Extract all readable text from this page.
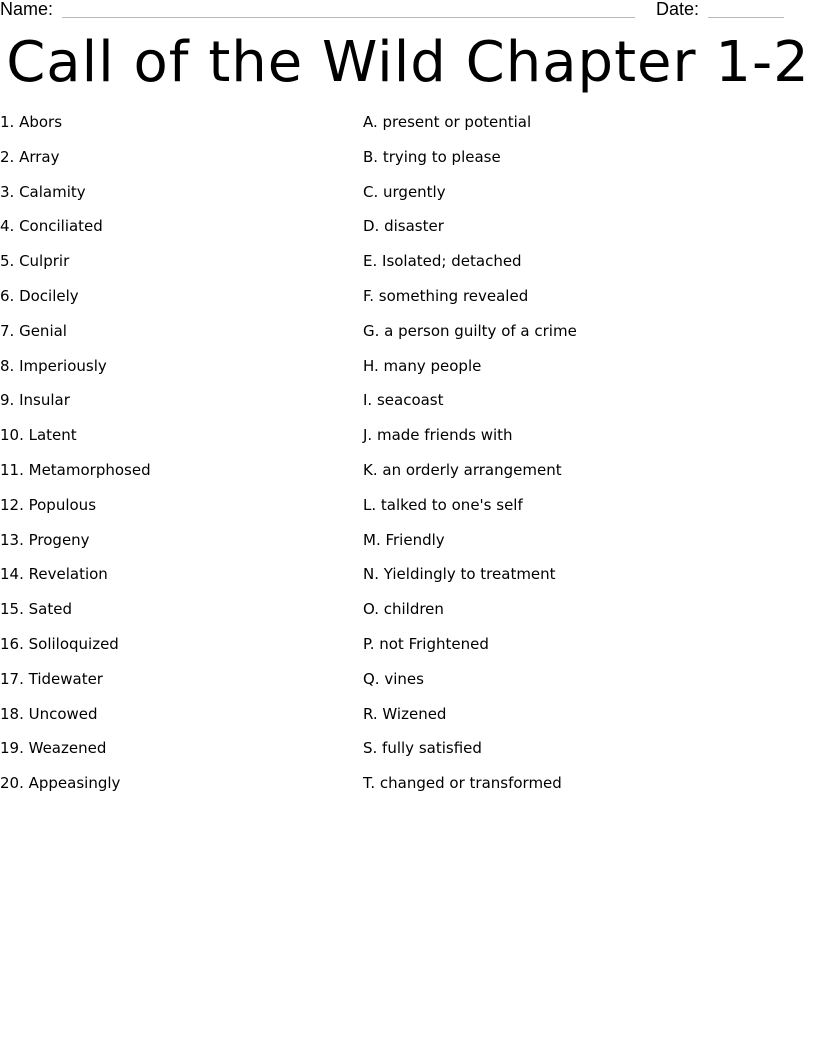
Name:	Date:
Call of the Wild Chapter 1-2
1. Abors
2. Array
3. Calamity
4. Conciliated
5. Culprir
6. Docilely
7. Genial
8. Imperiously
9. Insular
10. Latent
11. Metamorphosed
12. Populous
13. Progeny
14. Revelation
15. Sated
16. Soliloquized
17. Tidewater
18. Uncowed
19. Weazened
20. Appeasingly
A. present or potential
B. trying to please
C. urgently
D. disaster
E. Isolated; detached
F. something revealed
G. a person guilty of a crime
H. many people
I. seacoast
J. made friends with
K. an orderly arrangement
L. talked to one's self
M. Friendly
N. Yieldingly to treatment
O. children
P. not Frightened
Q. vines
R. Wizened
S. fully satisfied
T. changed or transformed
